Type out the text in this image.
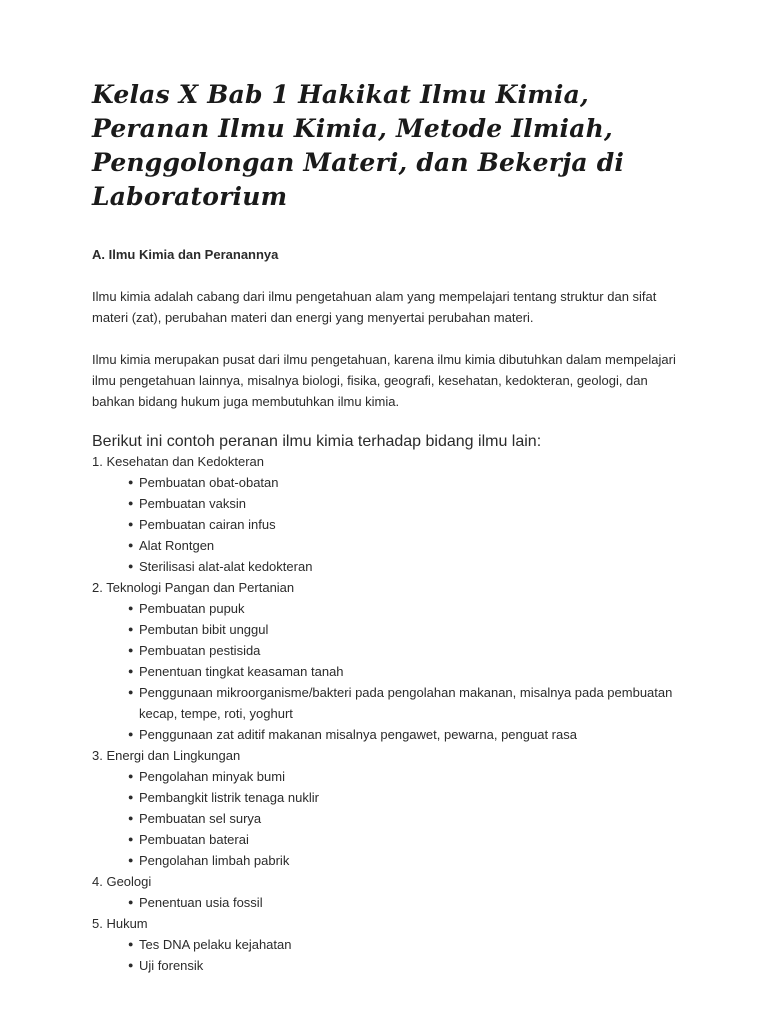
Kelas X Bab 1 Hakikat Ilmu Kimia, Peranan Ilmu Kimia, Metode Ilmiah, Penggolongan Materi, dan Bekerja di Laboratorium
A. Ilmu Kimia dan Peranannya

Ilmu kimia adalah cabang dari ilmu pengetahuan alam yang mempelajari tentang struktur dan sifat materi (zat), perubahan materi dan energi yang menyertai perubahan materi.

Ilmu kimia merupakan pusat dari ilmu pengetahuan, karena ilmu kimia dibutuhkan dalam mempelajari ilmu pengetahuan lainnya, misalnya biologi, fisika, geografi, kesehatan, kedokteran, geologi, dan bahkan bidang hukum juga membutuhkan ilmu kimia.

Berikut ini contoh peranan ilmu kimia terhadap bidang ilmu lain:
1. Kesehatan dan Kedokteran
● Pembuatan obat-obatan
● Pembuatan vaksin
● Pembuatan cairan infus
● Alat Rontgen
● Sterilisasi alat-alat kedokteran
2. Teknologi Pangan dan Pertanian
● Pembuatan pupuk
● Pembutan bibit unggul
● Pembuatan pestisida
● Penentuan tingkat keasaman tanah
● Penggunaan mikroorganisme/bakteri pada pengolahan makanan, misalnya pada pembuatan kecap, tempe, roti, yoghurt
● Penggunaan zat aditif makanan misalnya pengawet, pewarna, penguat rasa
3. Energi dan Lingkungan
● Pengolahan minyak bumi
● Pembangkit listrik tenaga nuklir
● Pembuatan sel surya
● Pembuatan baterai
● Pengolahan limbah pabrik
4. Geologi
● Penentuan usia fossil
5. Hukum
● Tes DNA pelaku kejahatan
● Uji forensik
